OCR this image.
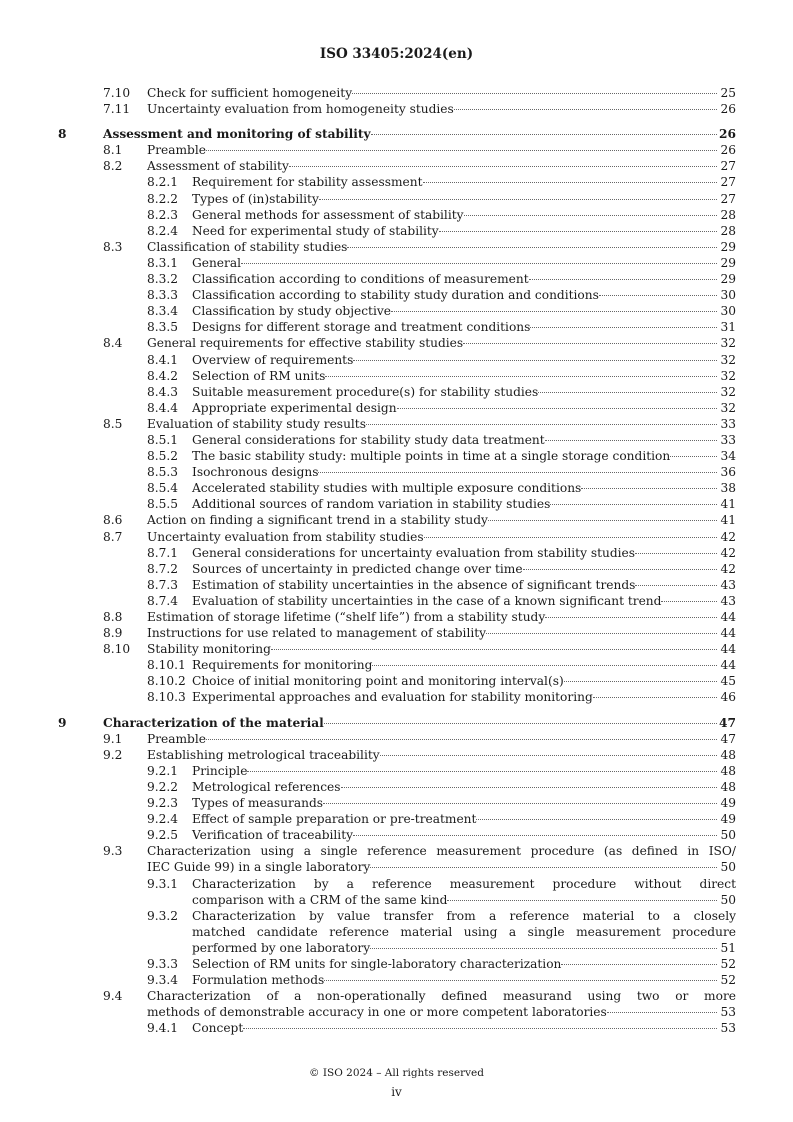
ISO 33405:2024(en)
7.10 Check for sufficient homogeneity	25
7.11 Uncertainty evaluation from homogeneity studies	26
8	Assessment and monitoring of stability	26
8.1 Preamble	26
8.2 Assessment of stability	27
8.2.1 Requirement for stability assessment	27
8.2.2 Types of (in)stability	27
8.2.3 General methods for assessment of stability	28
8.2.4 Need for experimental study of stability	28
8.3 Classification of stability studies	29
8.3.1 General	29
8.3.2 Classification according to conditions of measurement	29
8.3.3 Classification according to stability study duration and conditions	30
8.3.4 Classification by study objective	30
8.3.5 Designs for different storage and treatment conditions	31
8.4 General requirements for effective stability studies	32
8.4.1 Overview of requirements	32
8.4.2 Selection of RM units	32
8.4.3 Suitable measurement procedure(s) for stability studies	32
8.4.4 Appropriate experimental design	32
8.5 Evaluation of stability study results	33
8.5.1 General considerations for stability study data treatment	33
8.5.2 The basic stability study: multiple points in time at a single storage condition	34
8.5.3 Isochronous designs	36
8.5.4 Accelerated stability studies with multiple exposure conditions	38
8.5.5 Additional sources of random variation in stability studies	41
8.6 Action on finding a significant trend in a stability study	41
8.7 Uncertainty evaluation from stability studies	42
8.7.1 General considerations for uncertainty evaluation from stability studies	42
8.7.2 Sources of uncertainty in predicted change over time	42
8.7.3 Estimation of stability uncertainties in the absence of significant trends	43
8.7.4 Evaluation of stability uncertainties in the case of a known significant trend	43
8.8 Estimation of storage lifetime (“shelf life”) from a stability study	44
8.9 Instructions for use related to management of stability	44
8.10 Stability monitoring	44
8.10.1 Requirements for monitoring	44
8.10.2 Choice of initial monitoring point and monitoring interval(s)	45
8.10.3 Experimental approaches and evaluation for stability monitoring	46
9	Characterization of the material	47
9.1 Preamble	47
9.2 Establishing metrological traceability	48
9.2.1 Principle	48
9.2.2 Metrological references	48
9.2.3 Types of measurands	49
9.2.4 Effect of sample preparation or pre-treatment	49
9.2.5 Verification of traceability	50
9.3 Characterization using a single reference measurement procedure (as defined in ISO/
IEC Guide 99) in a single laboratory	50
9.3.1 Characterization by a reference measurement procedure without direct
comparison with a CRM of the same kind	50
9.3.2 Characterization by value transfer from a reference material to a closely
matched candidate reference material using a single measurement procedure
performed by one laboratory	51
9.3.3 Selection of RM units for single-laboratory characterization	52
9.3.4 Formulation methods	52
9.4 Characterization of a non-operationally defined measurand using two or more
methods of demonstrable accuracy in one or more competent laboratories	53
9.4.1 Concept	53
© ISO 2024 – All rights reserved
iv
